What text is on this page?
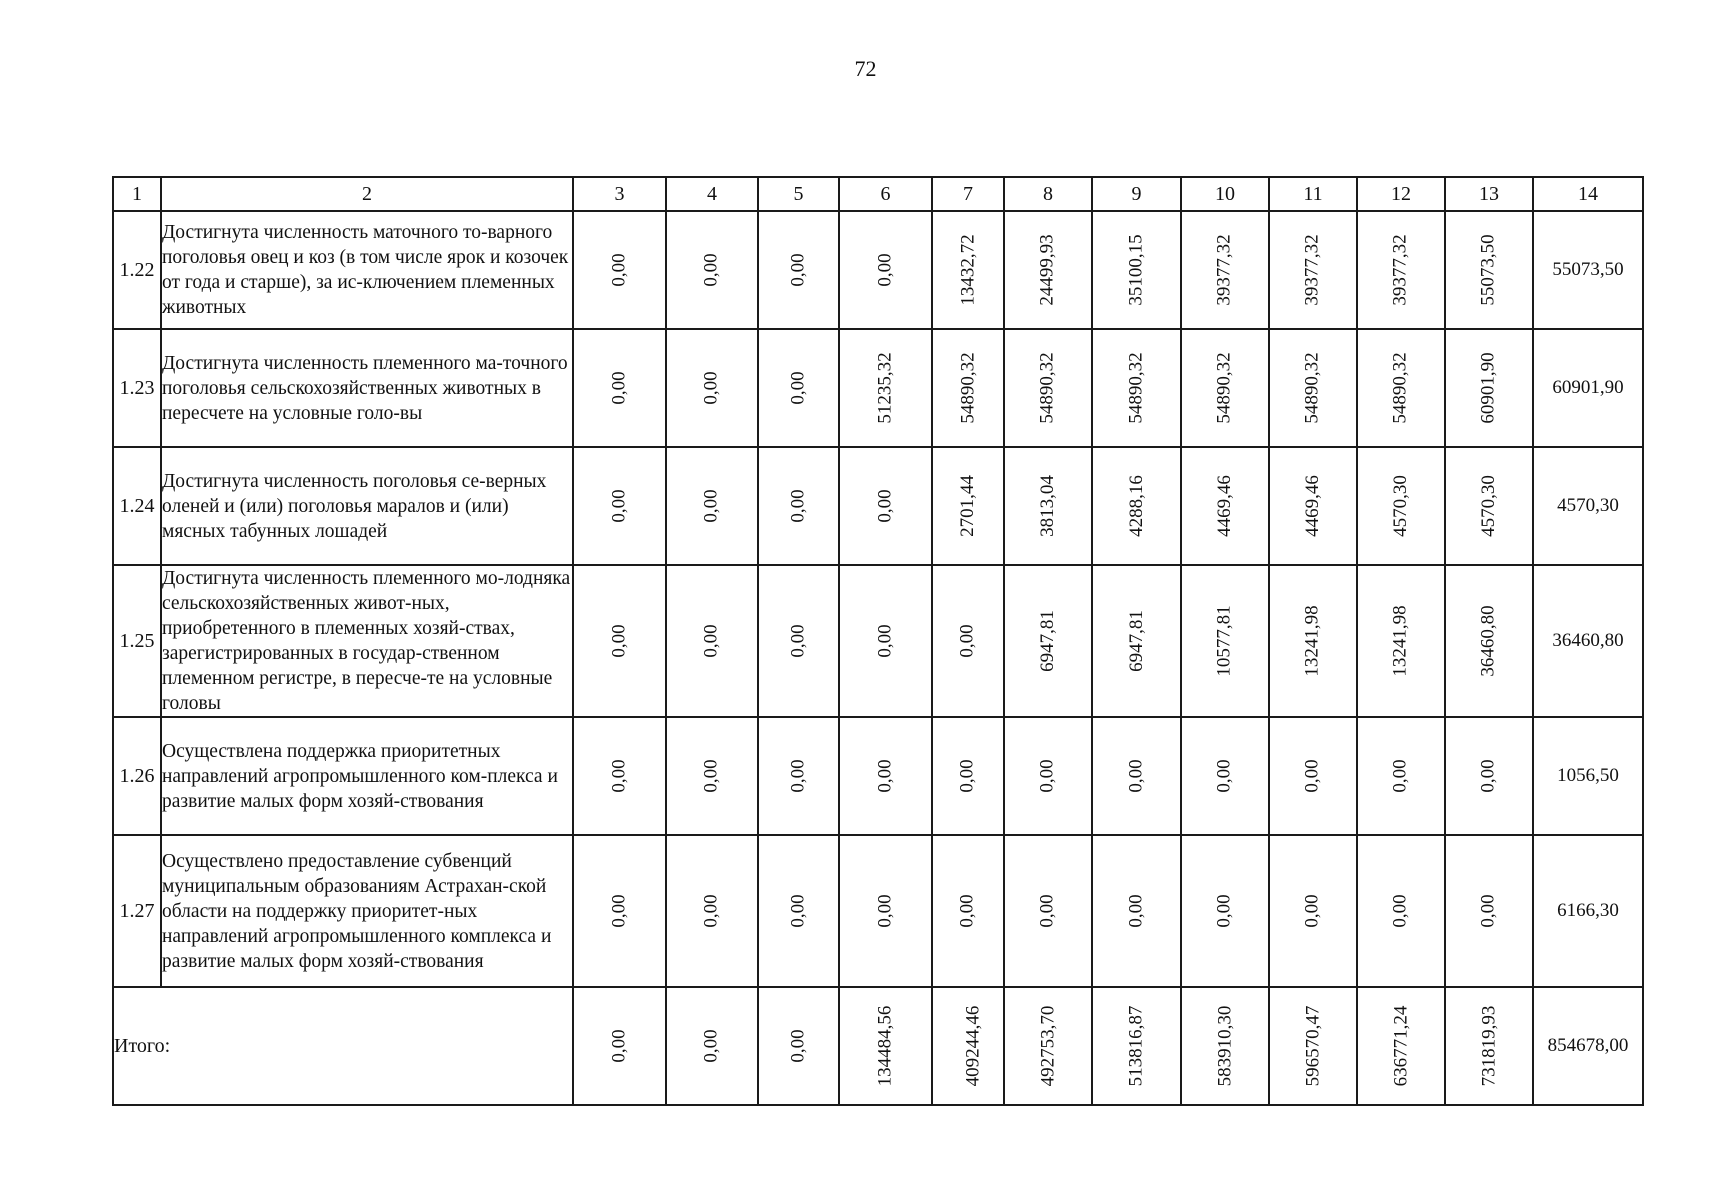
72
1	2	3	4	5	6	7	8	9	10	11	12	13	14
1.22	Достигнута численность маточного то-варного поголовья овец и коз (в том числе ярок и козочек от года и старше), за ис-ключением племенных животных	0,00	0,00	0,00	0,00	13432,72	24499,93	35100,15	39377,32	39377,32	39377,32	55073,50	55073,50
1.23	Достигнута численность племенного ма-точного поголовья сельскохозяйственных животных в пересчете на условные голо-вы	0,00	0,00	0,00	51235,32	54890,32	54890,32	54890,32	54890,32	54890,32	54890,32	60901,90	60901,90
1.24	Достигнута численность поголовья се-верных оленей и (или) поголовья маралов и (или) мясных табунных лошадей	0,00	0,00	0,00	0,00	2701,44	3813,04	4288,16	4469,46	4469,46	4570,30	4570,30	4570,30
1.25	Достигнута численность племенного мо-лодняка сельскохозяйственных живот-ных, приобретенного в племенных хозяй-ствах, зарегистрированных в государ-ственном племенном регистре, в пересче-те на условные головы	0,00	0,00	0,00	0,00	0,00	6947,81	6947,81	10577,81	13241,98	13241,98	36460,80	36460,80
1.26	Осуществлена поддержка приоритетных направлений агропромышленного ком-плекса и развитие малых форм хозяй-ствования	0,00	0,00	0,00	0,00	0,00	0,00	0,00	0,00	0,00	0,00	0,00	1056,50
1.27	Осуществлено предоставление субвенций муниципальным образованиям Астрахан-ской области на поддержку приоритет-ных направлений агропромышленного комплекса и развитие малых форм хозяй-ствования	0,00	0,00	0,00	0,00	0,00	0,00	0,00	0,00	0,00	0,00	0,00	6166,30
Итого:		0,00	0,00	0,00	134484,56	409244,46	492753,70	513816,87	583910,30	596570,47	636771,24	731819,93	854678,00
